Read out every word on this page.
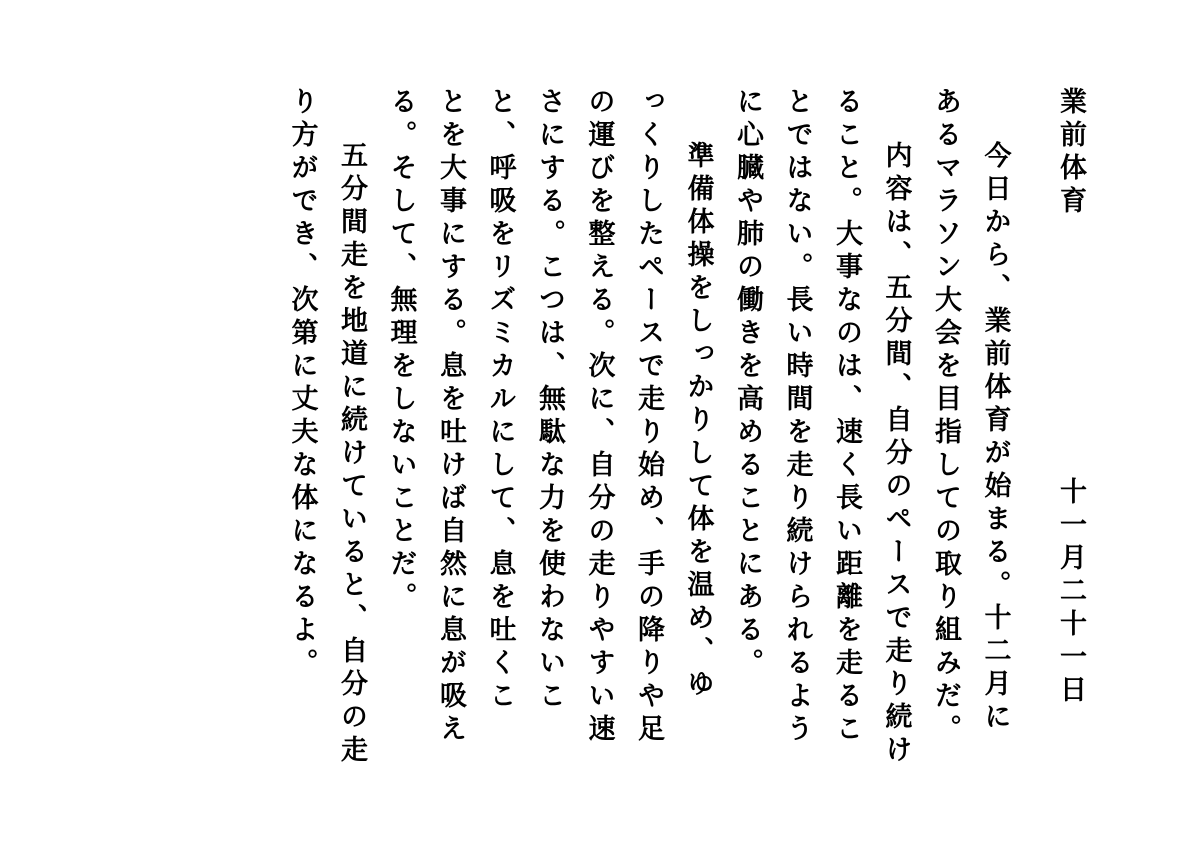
業前体育
十一月二十一日
今日から、業前体育が始まる。十二月に
あるマラソン大会を目指しての取り組みだ。
内容は、五分間、自分のペースで走り続け
ること。大事なのは、速く長い距離を走るこ
とではない。長い時間を走り続けられるよう
に心臓や肺の働きを高めることにある。
準備体操をしっかりして体を温め、ゆ
っくりしたペースで走り始め、手の降りや足
の運びを整える。次に、自分の走りやすい速
さにする。こつは、無駄な力を使わないこ
と、呼吸をリズミカルにして、息を吐くこ
とを大事にする。息を吐けば自然に息が吸え
る。そして、無理をしないことだ。
五分間走を地道に続けていると、自分の走
り方ができ、次第に丈夫な体になるよ。
